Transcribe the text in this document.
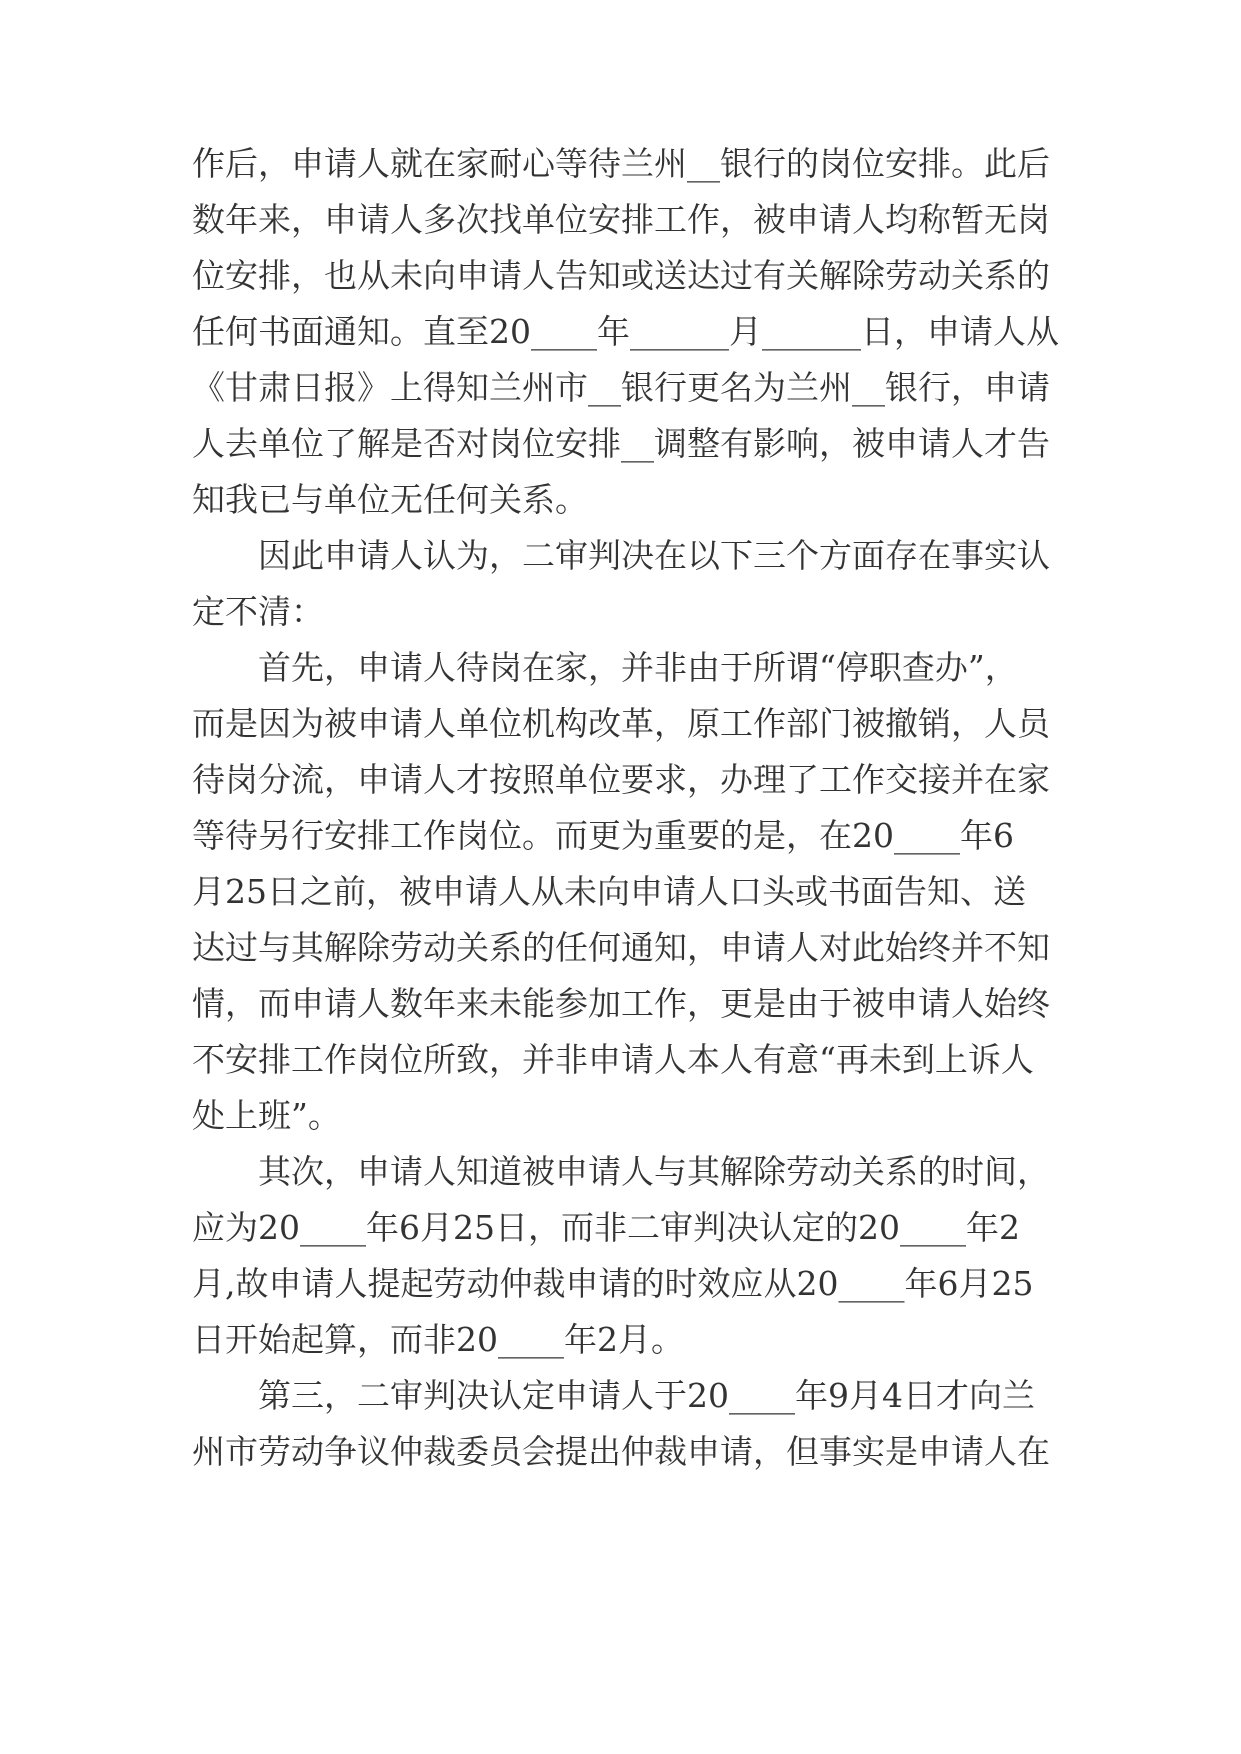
作后，申请人就在家耐心等待兰州__银行的岗位安排。此后

数年来，申请人多次找单位安排工作，被申请人均称暂无岗

位安排，也从未向申请人告知或送达过有关解除劳动关系的

任何书面通知。直至20____年______月______日，申请人从

《甘肃日报》上得知兰州市__银行更名为兰州__银行，申请

人去单位了解是否对岗位安排__调整有影响，被申请人才告

知我已与单位无任何关系。

因此申请人认为，二审判决在以下三个方面存在事实认

定不清：

首先，申请人待岗在家，并非由于所谓“停职查办”，

而是因为被申请人单位机构改革，原工作部门被撤销，人员

待岗分流，申请人才按照单位要求，办理了工作交接并在家

等待另行安排工作岗位。而更为重要的是，在20____年6

月25日之前，被申请人从未向申请人口头或书面告知、送

达过与其解除劳动关系的任何通知，申请人对此始终并不知

情，而申请人数年来未能参加工作，更是由于被申请人始终

不安排工作岗位所致，并非申请人本人有意“再未到上诉人

处上班”。

其次，申请人知道被申请人与其解除劳动关系的时间，

应为20____年6月25日，而非二审判决认定的20____年2

月,故申请人提起劳动仲裁申请的时效应从20____年6月25

日开始起算，而非20____年2月。

第三，二审判决认定申请人于20____年9月4日才向兰

州市劳动争议仲裁委员会提出仲裁申请，但事实是申请人在
